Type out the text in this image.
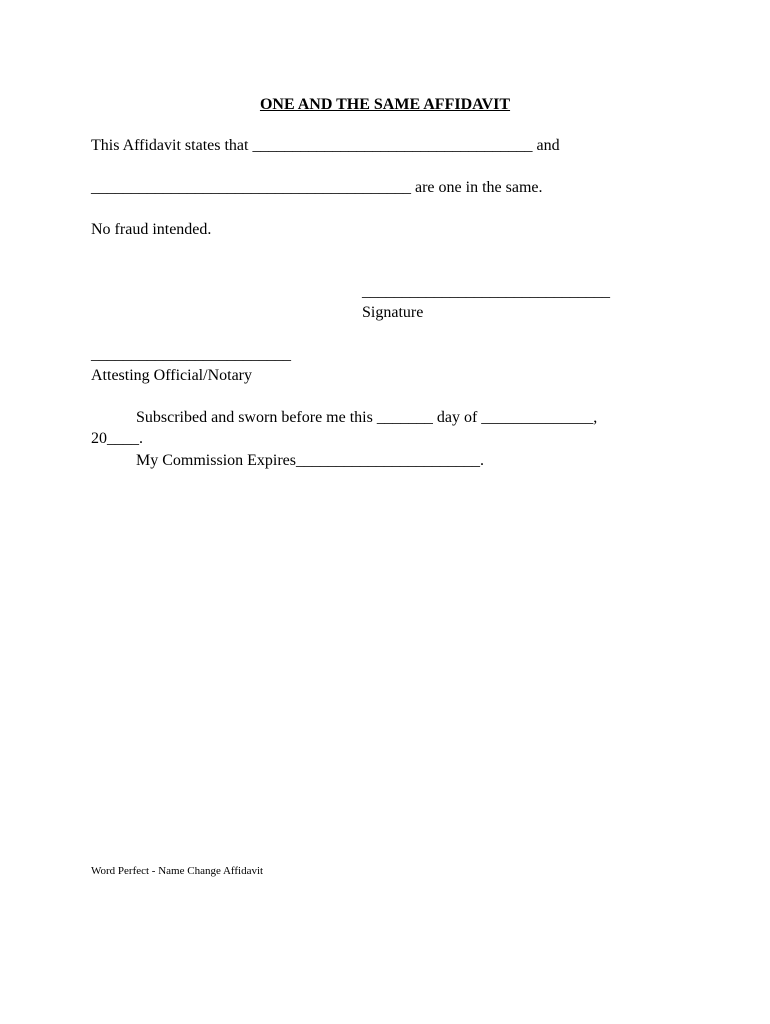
ONE AND THE SAME AFFIDAVIT
This Affidavit states that ___________________________________ and
________________________________________ are one in the same.
No fraud intended.
_______________________________
Signature
_________________________
Attesting Official/Notary
Subscribed and sworn before me this _______ day of ______________,
20____.
My Commission Expires_______________________.
Word Perfect - Name Change Affidavit
